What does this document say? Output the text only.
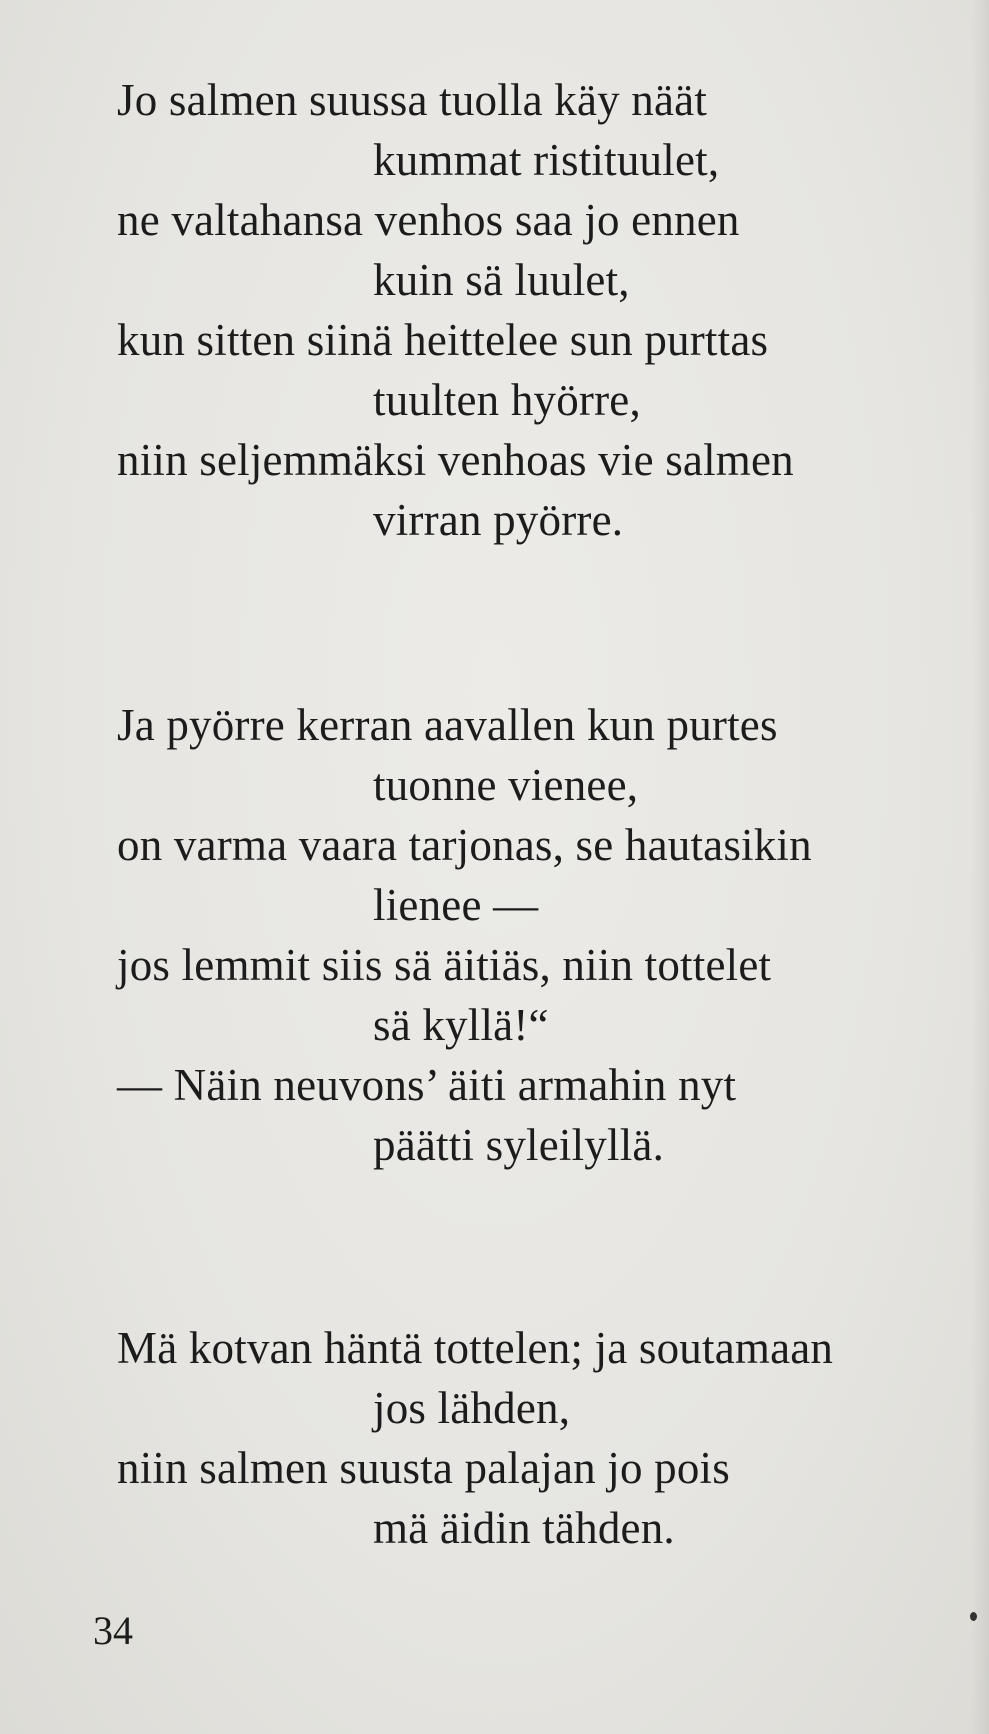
Jo salmen suussa tuolla käy näät
kummat ristituulet,
ne valtahansa venhos saa jo ennen
kuin sä luulet,
kun sitten siinä heittelee sun purttas
tuulten hyörre,
niin seljemmäksi venhoas vie salmen
virran pyörre.
Ja pyörre kerran aavallen kun purtes
tuonne vienee,
on varma vaara tarjonas, se hautasikin
lienee —
jos lemmit siis sä äitiäs, niin tottelet
sä kyllä!“
— Näin neuvons’ äiti armahin nyt
päätti syleilyllä.
Mä kotvan häntä tottelen; ja soutamaan
jos lähden,
niin salmen suusta palajan jo pois
mä äidin tähden.
34
